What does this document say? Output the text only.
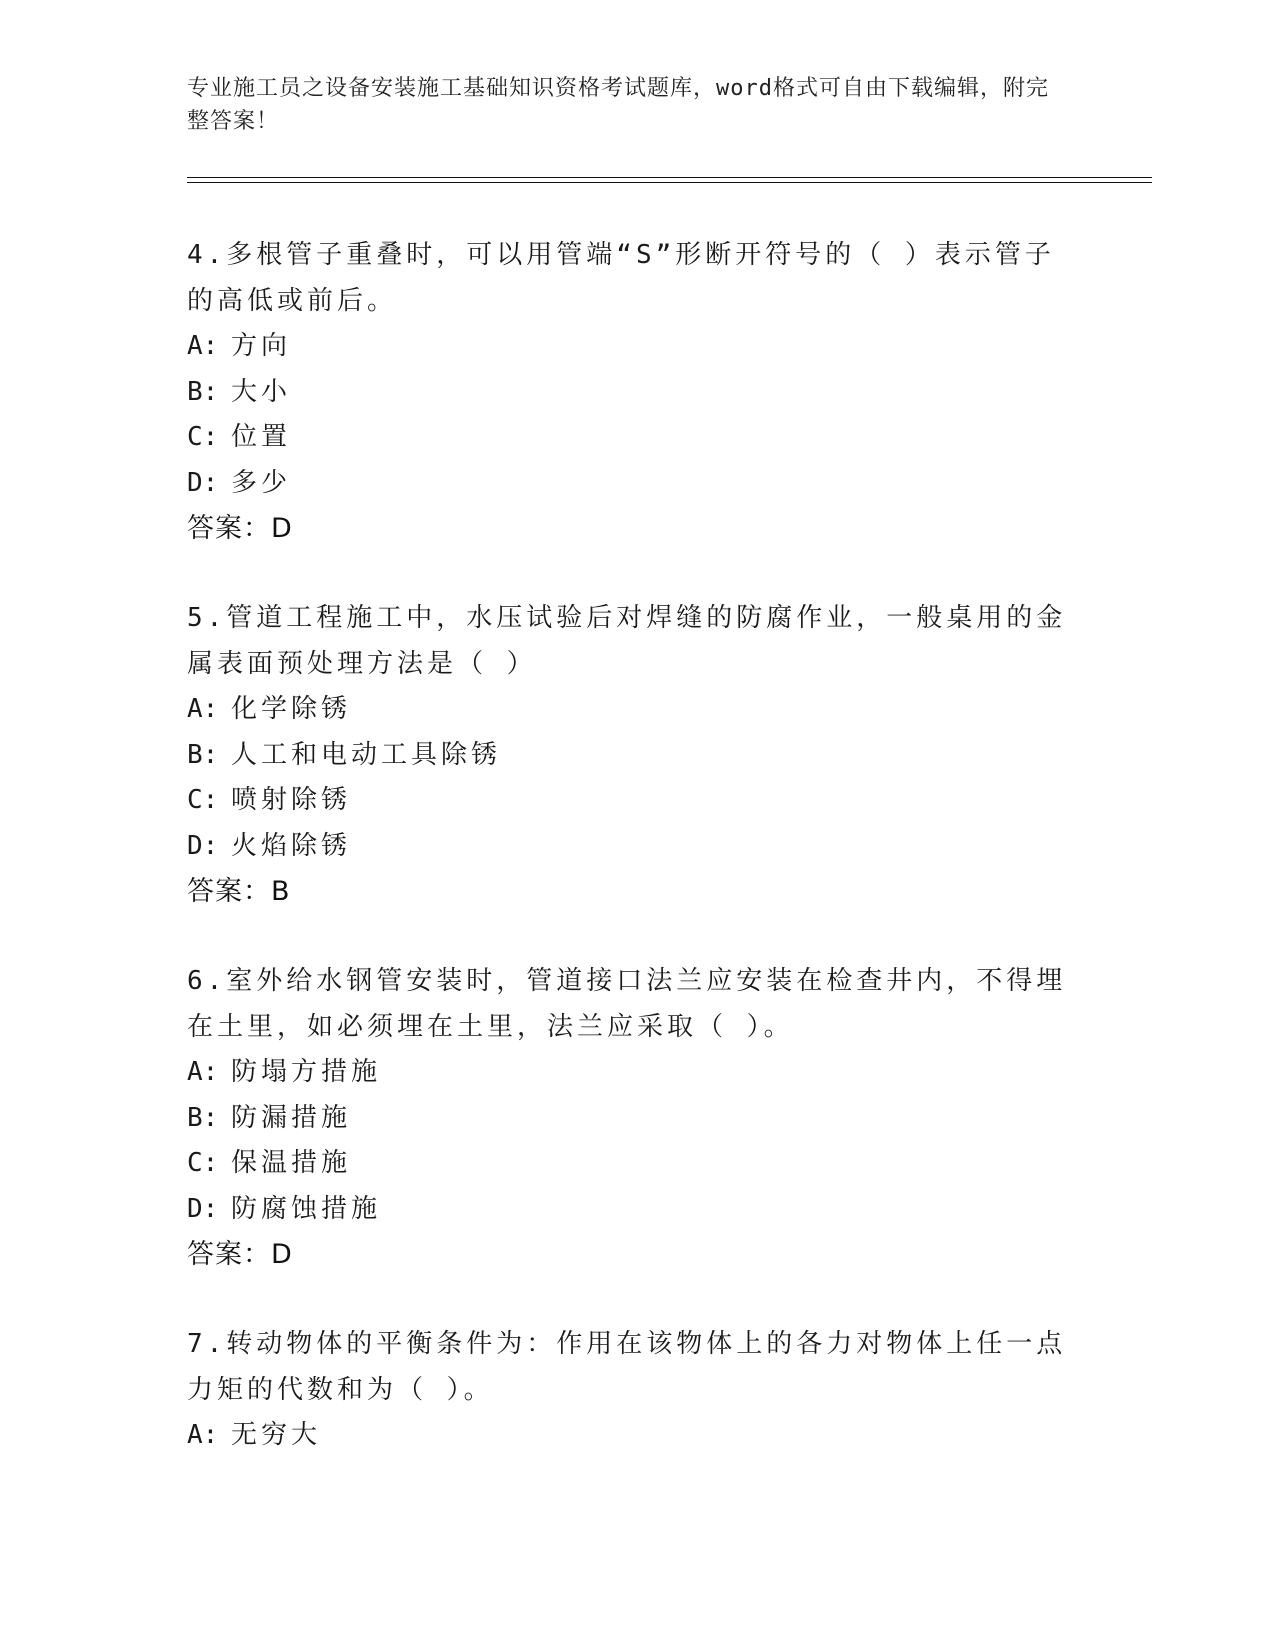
专业施工员之设备安装施工基础知识资格考试题库，word格式可自由下载编辑，附完整答案！
4.多根管子重叠时，可以用管端“S”形断开符号的（ ）表示管子的高低或前后。
A: 方向
B: 大小
C: 位置
D: 多少
答案：D
5.管道工程施工中，水压试验后对焊缝的防腐作业，一般桌用的金属表面预处理方法是（ ）
A: 化学除锈
B: 人工和电动工具除锈
C: 喷射除锈
D: 火焰除锈
答案：B
6.室外给水钢管安装时，管道接口法兰应安装在检查井内，不得埋在土里，如必须埋在土里，法兰应采取（ ）。
A: 防塌方措施
B: 防漏措施
C: 保温措施
D: 防腐蚀措施
答案：D
7.转动物体的平衡条件为：作用在该物体上的各力对物体上任一点力矩的代数和为（ ）。
A: 无穷大
